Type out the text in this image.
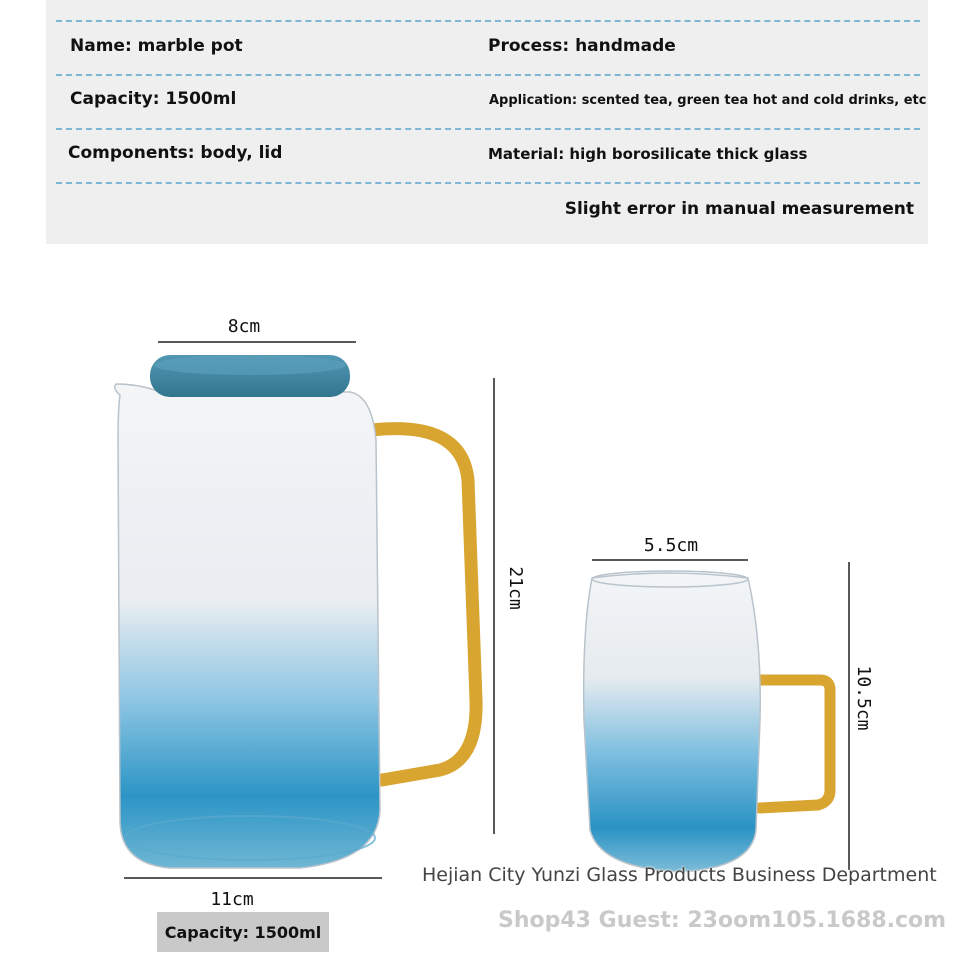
Name: marble pot	Process: handmade
Capacity: 1500ml	Application: scented tea, green tea hot and cold drinks, etc
Components: body, lid	Material: high borosilicate thick glass
Slight error in manual measurement
8cm
11cm
5.5cm
21cm
10.5cm
Capacity: 1500ml
Hejian City Yunzi Glass Products Business Department
Shop43 Guest: 23oom105.1688.com
